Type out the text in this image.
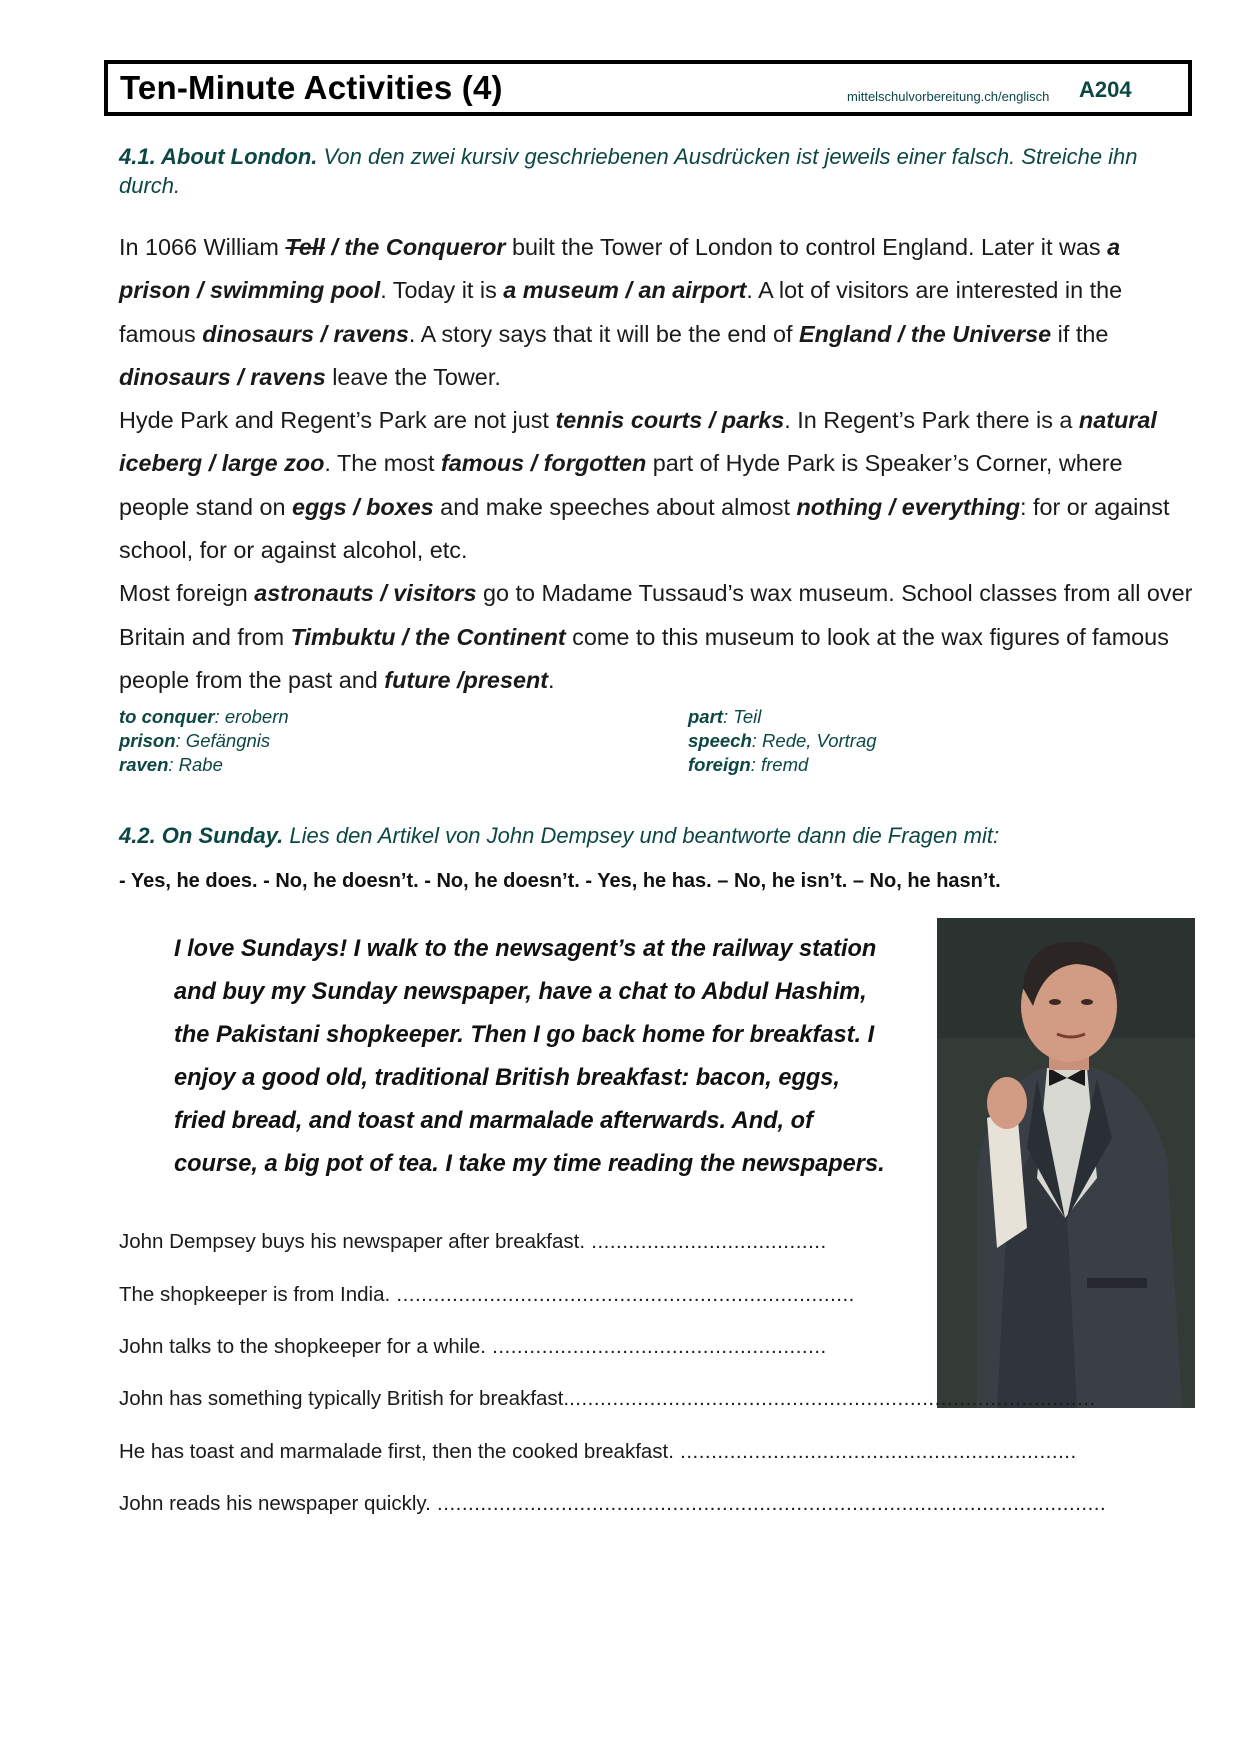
Ten-Minute Activities (4)	mittelschulvorbereitung.ch/englisch A204
4.1. About London. Von den zwei kursiv geschriebenen Ausdrücken ist jeweils einer falsch. Streiche ihn durch.

In 1066 William Tell / the Conqueror built the Tower of London to control England. Later it was a prison / swimming pool. Today it is a museum / an airport. A lot of visitors are interested in the famous dinosaurs / ravens. A story says that it will be the end of England / the Universe if the dinosaurs / ravens leave the Tower.

Hyde Park and Regent’s Park are not just tennis courts / parks. In Regent’s Park there is a natural iceberg / large zoo. The most famous / forgotten part of Hyde Park is Speaker’s Corner, where people stand on eggs / boxes and make speeches about almost nothing / everything: for or against school, for or against alcohol, etc.

Most foreign astronauts / visitors go to Madame Tussaud’s wax museum. School classes from all over Britain and from Timbuktu / the Continent come to this museum to look at the wax figures of famous people from the past and future /present.

to conquer: erobern
prison: Gefängnis
raven: Rabe
part: Teil
speech: Rede, Vortrag
foreign: fremd
4.2. On Sunday. Lies den Artikel von John Dempsey und beantworte dann die Fragen mit:
- Yes, he does. - No, he doesn’t. - No, he doesn’t. - Yes, he has. – No, he isn’t. – No, he hasn’t.
I love Sundays! I walk to the newsagent’s at the railway station and buy my Sunday newspaper, have a chat to Abdul Hashim, the Pakistani shopkeeper. Then I go back home for breakfast. I enjoy a good old, traditional British breakfast: bacon, eggs, fried bread, and toast and marmalade afterwards. And, of course, a big pot of tea. I take my time reading the newspapers.
John Dempsey buys his newspaper after breakfast. ......................................
The shopkeeper is from India. ..........................................................................
John talks to the shopkeeper for a while. ......................................................
John has something typically British for breakfast......................................................................................
He has toast and marmalade first, then the cooked breakfast. ................................................................
John reads his newspaper quickly. ............................................................................................................
